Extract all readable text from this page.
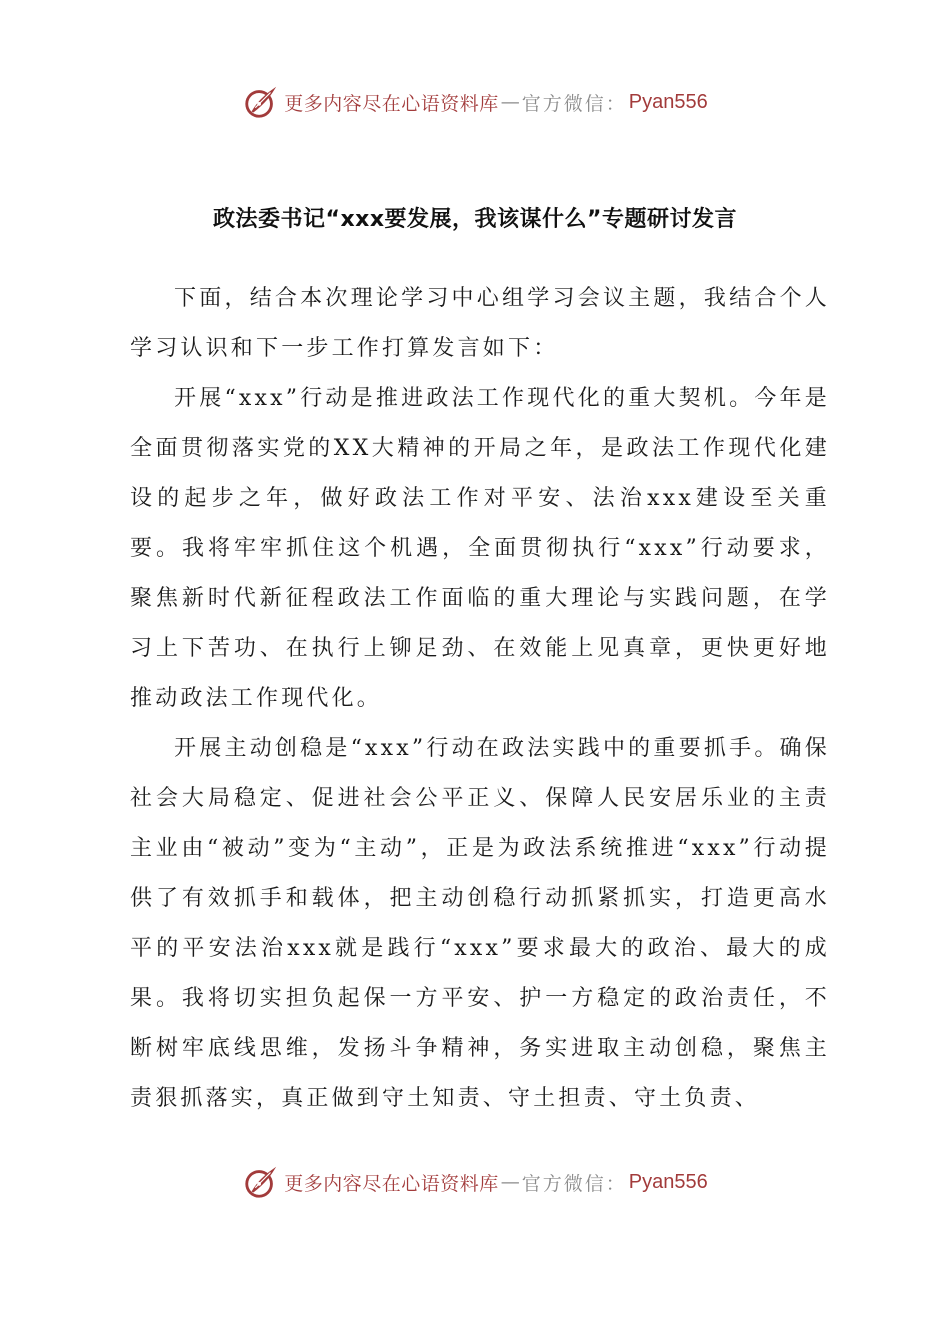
更多内容尽在心语资料库 — 官方微信： Pyan556
政法委书记“xxx要发展，我该谋什么”专题研讨发言

下面，结合本次理论学习中心组学习会议主题，我结合个人学习认识和下一步工作打算发言如下：

开展“xxx”行动是推进政法工作现代化的重大契机。今年是全面贯彻落实党的XX大精神的开局之年，是政法工作现代化建设的起步之年，做好政法工作对平安、法治xxx建设至关重要。我将牢牢抓住这个机遇，全面贯彻执行“xxx”行动要求，聚焦新时代新征程政法工作面临的重大理论与实践问题，在学习上下苦功、在执行上铆足劲、在效能上见真章，更快更好地推动政法工作现代化。

开展主动创稳是“xxx”行动在政法实践中的重要抓手。确保社会大局稳定、促进社会公平正义、保障人民安居乐业的主责主业由“被动”变为“主动”，正是为政法系统推进“xxx”行动提供了有效抓手和载体，把主动创稳行动抓紧抓实，打造更高水平的平安法治xxx就是践行“xxx”要求最大的政治、最大的成果。我将切实担负起保一方平安、护一方稳定的政治责任，不断树牢底线思维，发扬斗争精神，务实进取主动创稳，聚焦主责狠抓落实，真正做到守土知责、守土担责、守土负责、

更多内容尽在心语资料库 — 官方微信： Pyan556
